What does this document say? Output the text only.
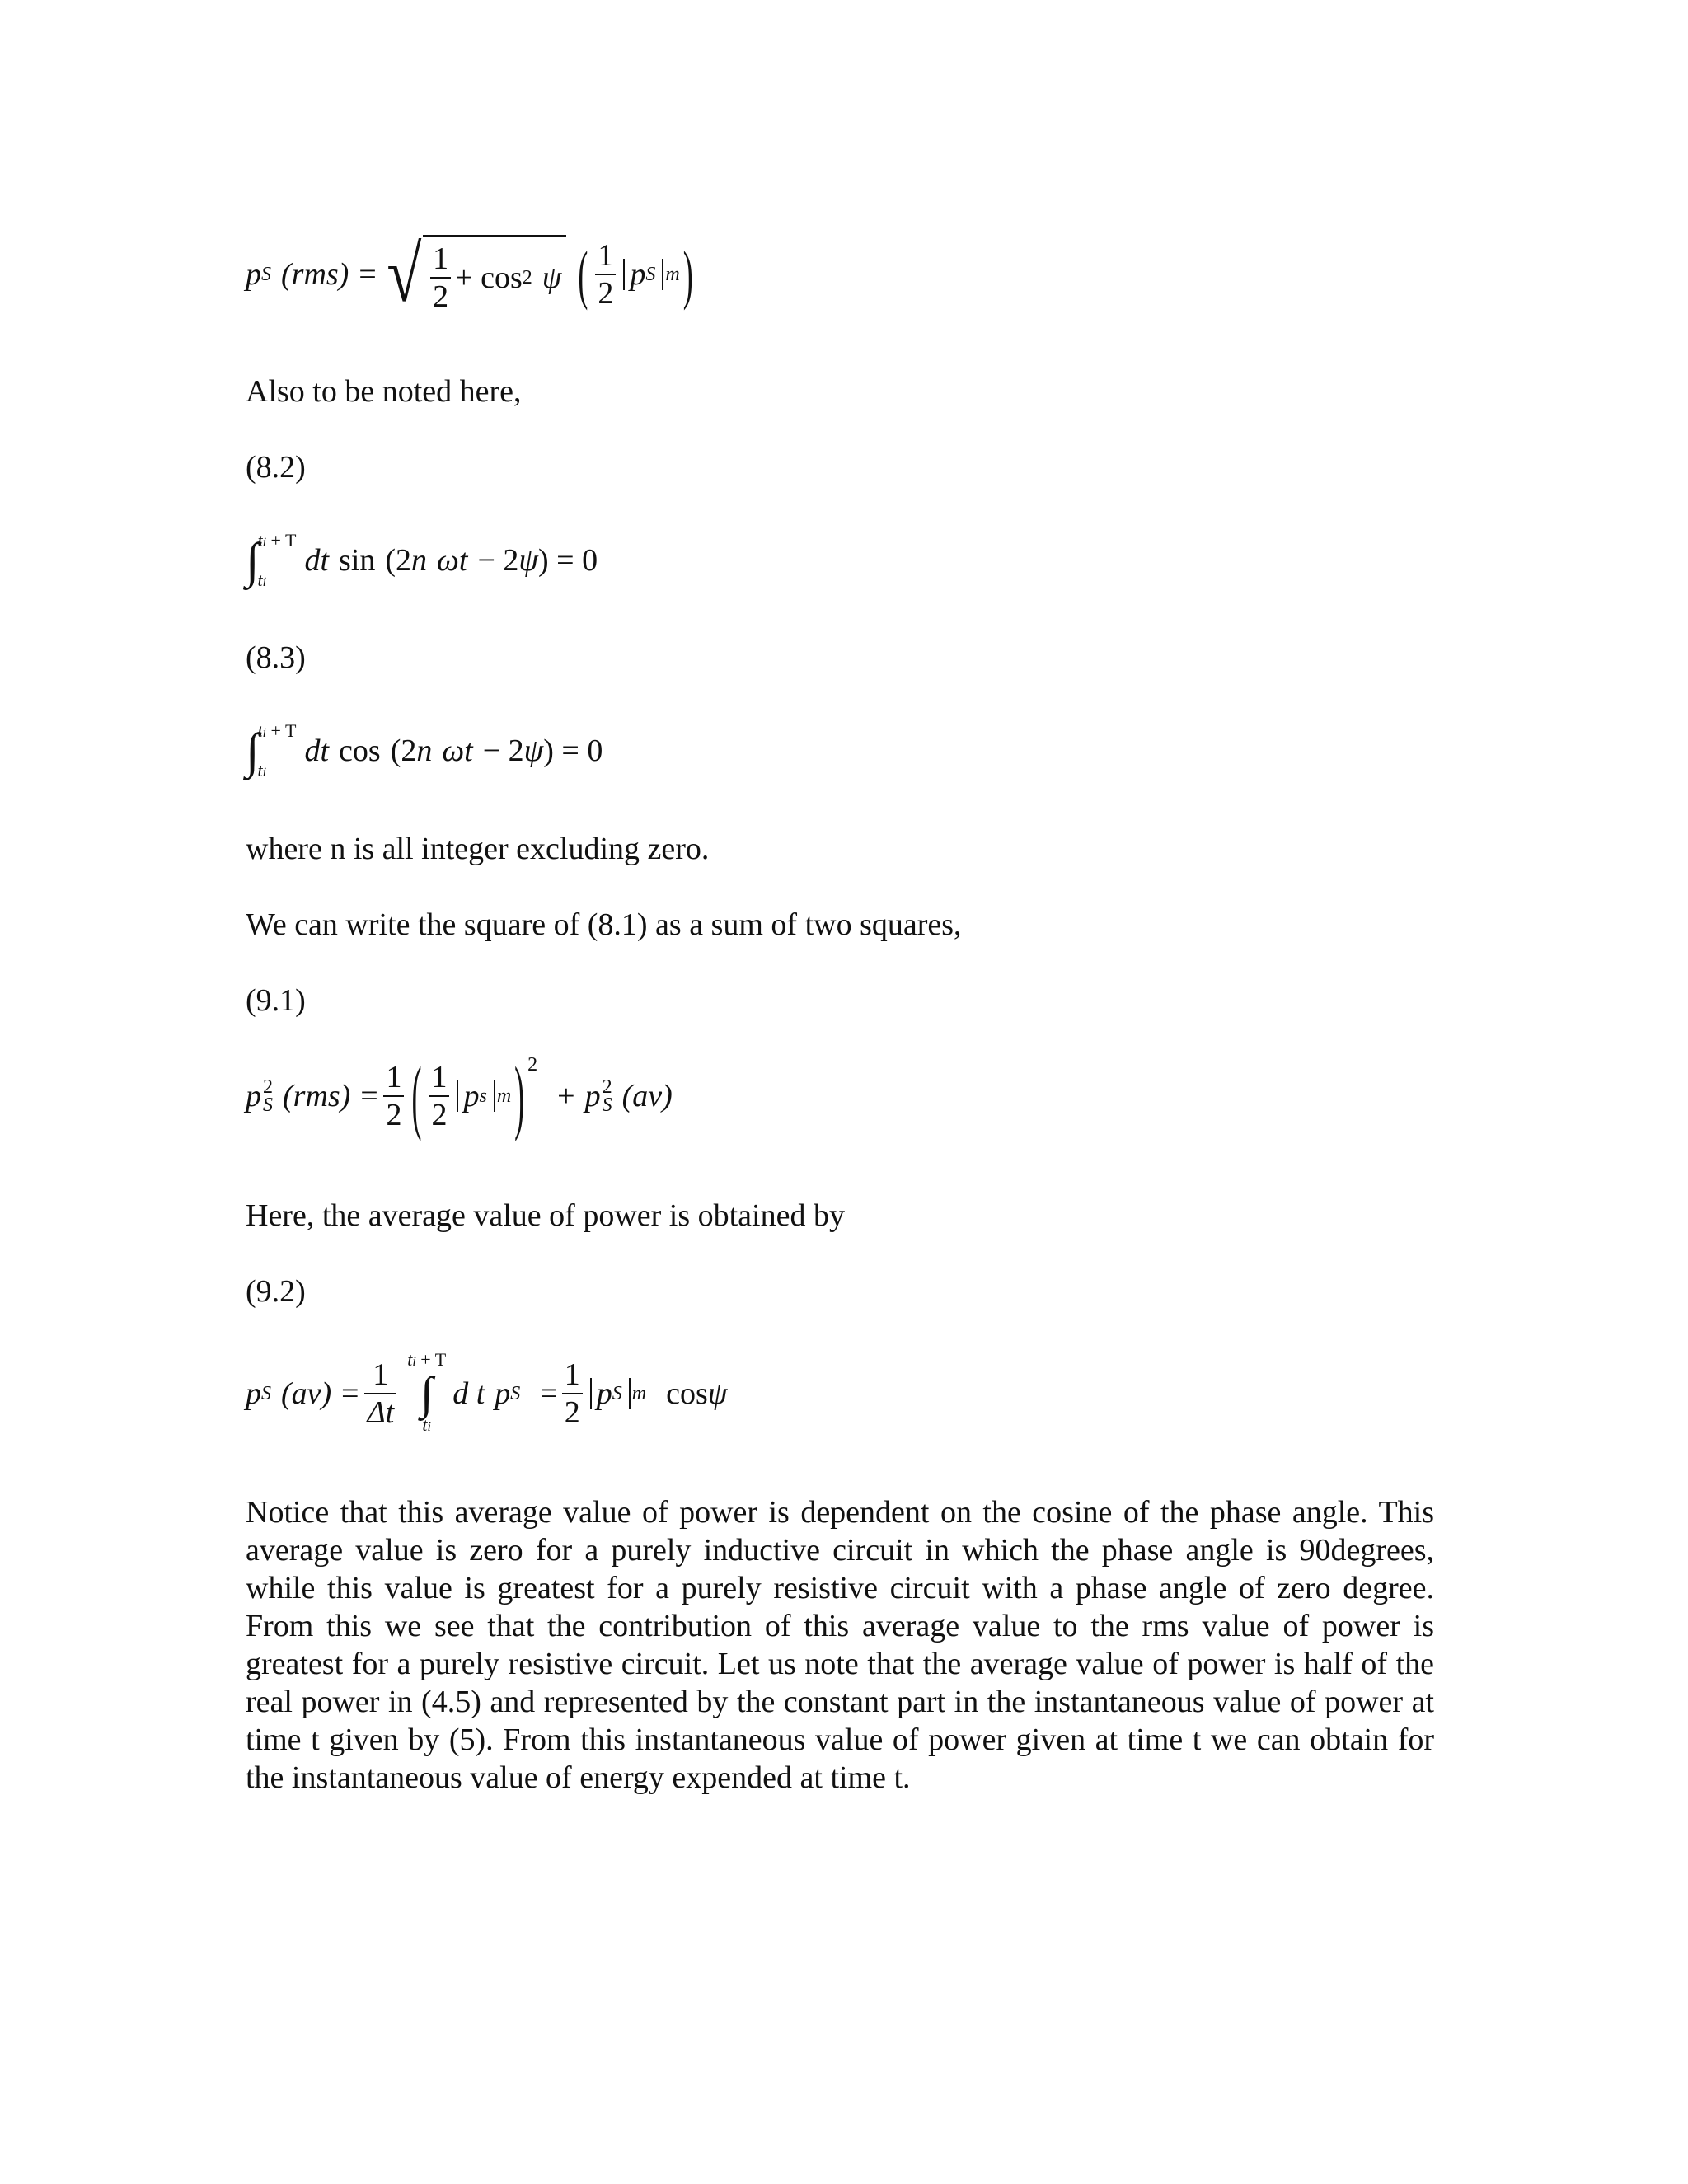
p S (rms) = √ $\frac{1}{2} + \cos 2$ ψ ( $\frac{1}{2}$ p S m )
Also to be noted here,
(8.2)
∫
ti + T
ti
dt sin (2 n ωt − 2 ψ ) = 0
(8.3)
∫
ti + T
ti
dt cos (2 n ωt − 2 ψ ) = 0
where n is all integer excluding zero.
We can write the square of (8.1) as a sum of two squares,
(9.1)
p 2
S $(rms) = \frac{1}{2}$ ( $\frac{1}{2}$ p s m ) 2
+ p 2
S (av)
Here, the average value of power is obtained by
(9.2)
p S $(av) = \frac{1}{\Delta t}$ ti + T
∫
ti
d t p $S = \frac{1}{2}$ p S m cos ψ
Notice that this average value of power is dependent on the cosine of the phase angle. This average value is zero for a purely inductive circuit in which the phase angle is 90degrees, while this value is greatest for a purely resistive circuit with a phase angle of zero degree. From this we see that the contribution of this average value to the rms value of power is greatest for a purely resistive circuit. Let us note that the average value of power is half of the real power in (4.5) and represented by the constant part in the instantaneous value of power at time t given by (5). From this instantaneous value of power given at time t we can obtain for the instantaneous value of energy expended at time t.
